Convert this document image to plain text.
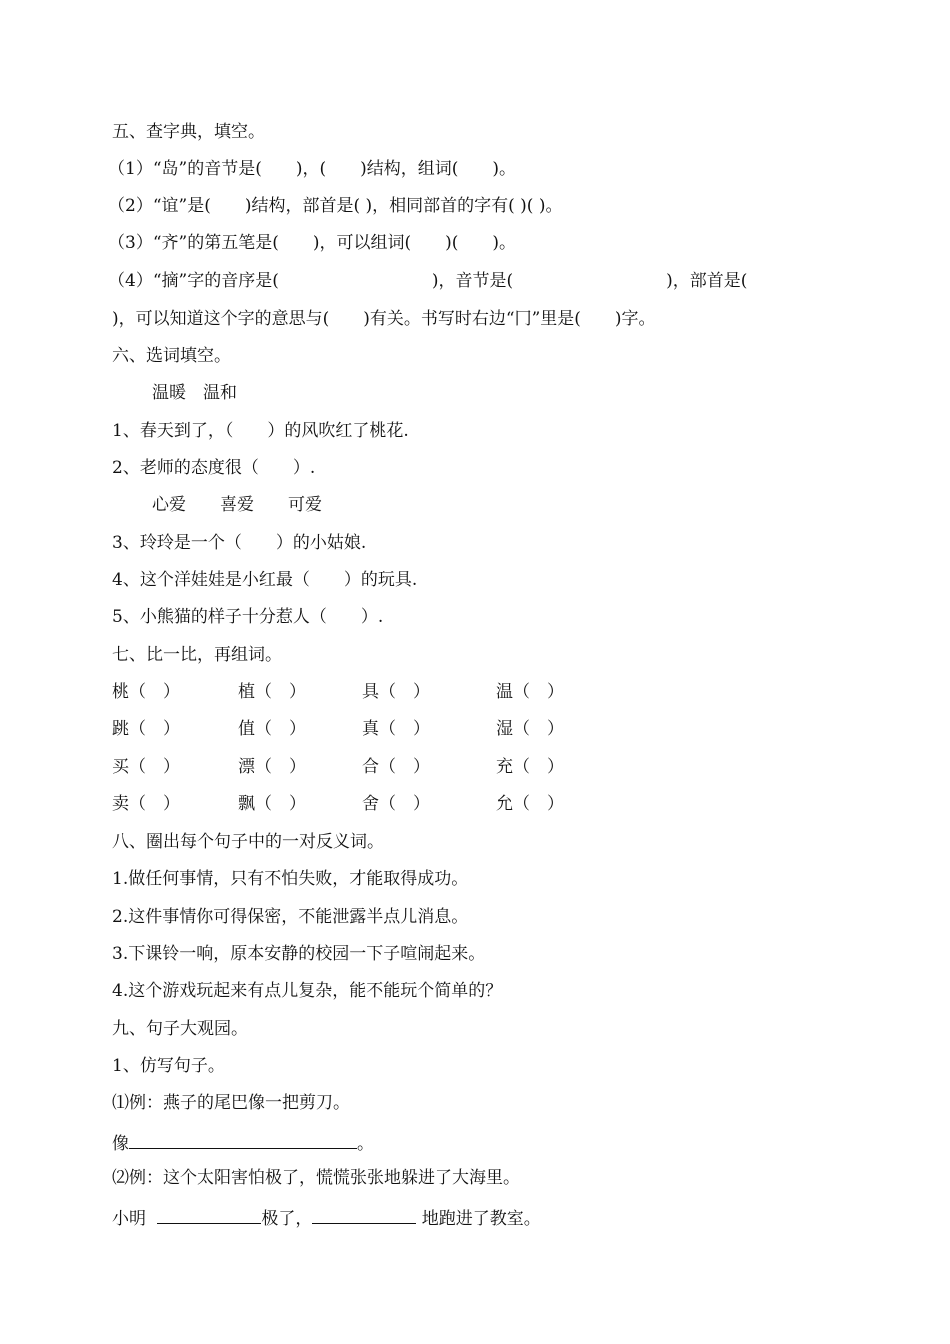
五、查字典，填空。
（1）“岛”的音节是(　　)，(　　)结构，组词(　　)。
（2）“谊”是(　　)结构，部首是( )，相同部首的字有( )( )。
（3）“齐”的第五笔是(　　)，可以组词(　　)(　　)。
（4）“摘”字的音序是(　　　　　　　　　)，音节是(　　　　　　　　　)，部首是(
)，可以知道这个字的意思与(　　)有关。书写时右边“冂”里是(　　)字。
六、选词填空。
温暖　温和
1、春天到了，（　　）的风吹红了桃花.
2、老师的态度很（　　）.
心爱　　喜爱　　可爱
3、玲玲是一个（　　）的小姑娘.
4、这个洋娃娃是小红最（　　）的玩具.
5、小熊猫的样子十分惹人（　　）.
七、比一比，再组词。
桃（　）	植（　）	具（　）	温（　）
跳（　）	值（　）	真（　）	湿（　）
买（　）	漂（　）	合（　）	充（　）
卖（　）	飘（　）	舍（　）	允（　）
八、圈出每个句子中的一对反义词。
1.做任何事情，只有不怕失败，才能取得成功。
2.这件事情你可得保密，不能泄露半点儿消息。
3.下课铃一响，原本安静的校园一下子喧闹起来。
4.这个游戏玩起来有点儿复杂，能不能玩个简单的？
九、句子大观园。
1、仿写句子。
⑴例：燕子的尾巴像一把剪刀。
像	。
⑵例：这个太阳害怕极了，慌慌张张地躲进了大海里。
小明	极了，	地跑进了教室。
